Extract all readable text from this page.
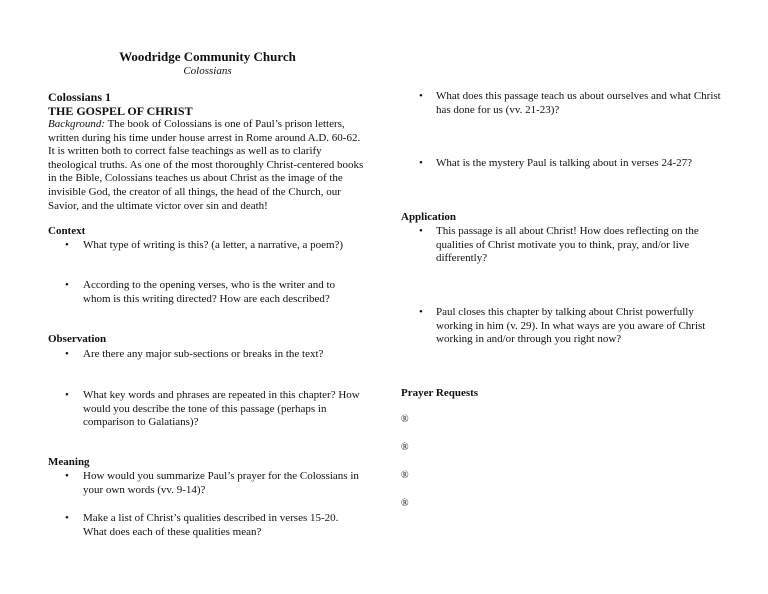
Woodridge Community Church
Colossians
Colossians 1
THE GOSPEL OF CHRIST
Background: The book of Colossians is one of Paul’s prison letters, written during his time under house arrest in Rome around A.D. 60-62. It is written both to correct false teachings as well as to clarify theological truths. As one of the most thoroughly Christ-centered books in the Bible, Colossians teaches us about Christ as the image of the invisible God, the creator of all things, the head of the Church, our Savior, and the ultimate victor over sin and death!
Context
• What type of writing is this? (a letter, a narrative, a poem?)
• According to the opening verses, who is the writer and to whom is this writing directed? How are each described?
Observation
• Are there any major sub-sections or breaks in the text?
• What key words and phrases are repeated in this chapter? How would you describe the tone of this passage (perhaps in comparison to Galatians)?
Meaning
• How would you summarize Paul’s prayer for the Colossians in your own words (vv. 9-14)?
• Make a list of Christ’s qualities described in verses 15-20. What does each of these qualities mean?
• What does this passage teach us about ourselves and what Christ has done for us (vv. 21-23)?
• What is the mystery Paul is talking about in verses 24-27?
Application
• This passage is all about Christ! How does reflecting on the qualities of Christ motivate you to think, pray, and/or live differently?
• Paul closes this chapter by talking about Christ powerfully working in him (v. 29). In what ways are you aware of Christ working in and/or through you right now?
Prayer Requests
®
®
®
®
